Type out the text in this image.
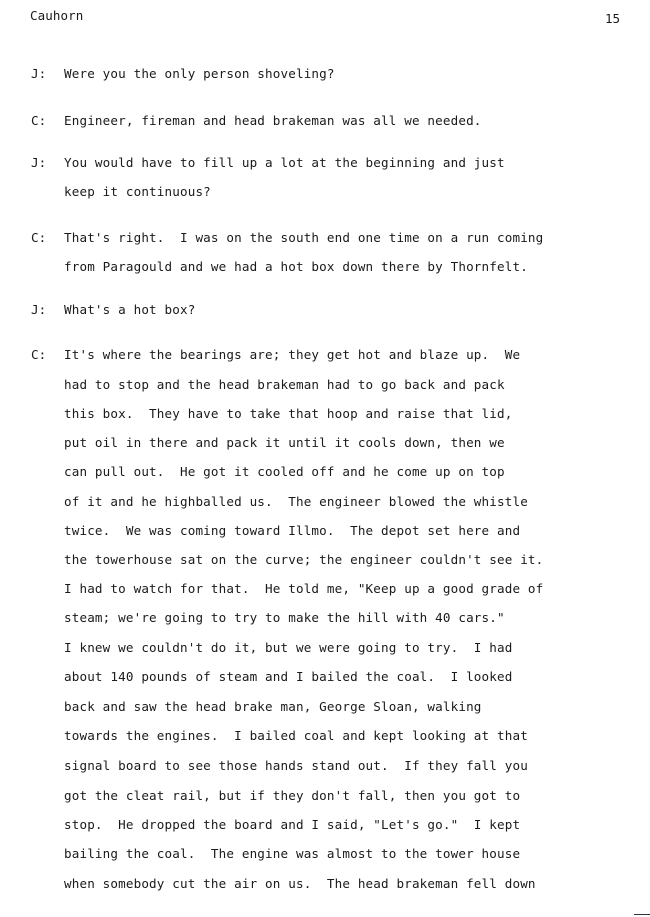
Cauhorn	15
J: Were you the only person shoveling?
C: Engineer, fireman and head brakeman was all we needed.
J: You would have to fill up a lot at the beginning and just
keep it continuous?
C: That's right.  I was on the south end one time on a run coming
from Paragould and we had a hot box down there by Thornfelt.
J: What's a hot box?
C: It's where the bearings are; they get hot and blaze up.  We
had to stop and the head brakeman had to go back and pack
this box.  They have to take that hoop and raise that lid,
put oil in there and pack it until it cools down, then we
can pull out.  He got it cooled off and he come up on top
of it and he highballed us.  The engineer blowed the whistle
twice.  We was coming toward Illmo.  The depot set here and
the towerhouse sat on the curve; the engineer couldn't see it.
I had to watch for that.  He told me, "Keep up a good grade of
steam; we're going to try to make the hill with 40 cars."
I knew we couldn't do it, but we were going to try.  I had
about 140 pounds of steam and I bailed the coal.  I looked
back and saw the head brake man, George Sloan, walking
towards the engines.  I bailed coal and kept looking at that
signal board to see those hands stand out.  If they fall you
got the cleat rail, but if they don't fall, then you got to
stop.  He dropped the board and I said, "Let's go."  I kept
bailing the coal.  The engine was almost to the tower house
when somebody cut the air on us.  The head brakeman fell down
